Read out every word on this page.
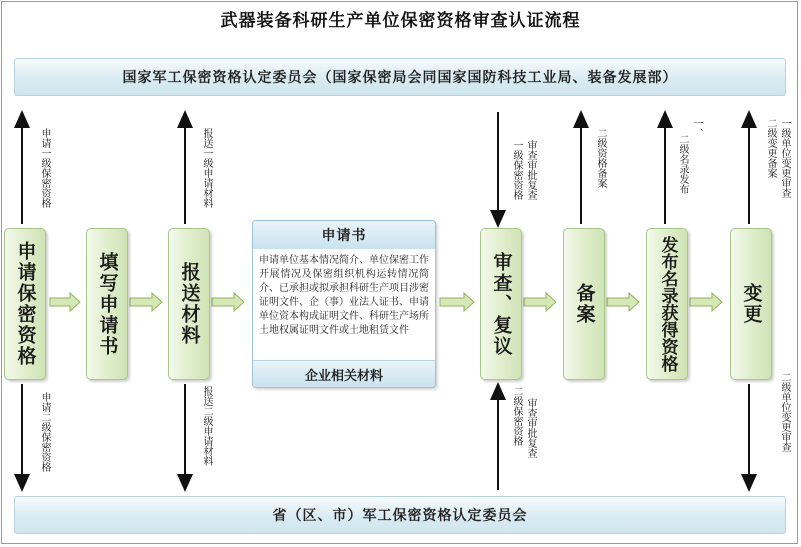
武器装备科研生产单位保密资格审查认证流程
国家军工保密资格认定委员会（国家保密局会同国家国防科技工业局、装备发展部）
省（区、市）军工保密资格认定委员会
申请保密资格	填写申请书	报送材料	审查、复议	备案	发布名录获得资格	变更
申请书
申请单位基本情况简介、单位保密工作开展情况及保密组织机构运转情况简介、已承担或拟承担科研生产项目涉密证明文件、企（事）业法人证书、申请单位资本构成证明文件、科研生产场所土地权属证明文件或土地租赁文件
企业相关材料
申请一级保密资格
申请二级保密资格
报送一级申请材料
报送二级申请材料
审查审批复查
一级保密资格
审查审批复查
二级保密资格
二级资格备案	一、
二级名录发布	一级单位变更审查
二级变更备案
二级单位变更审查
